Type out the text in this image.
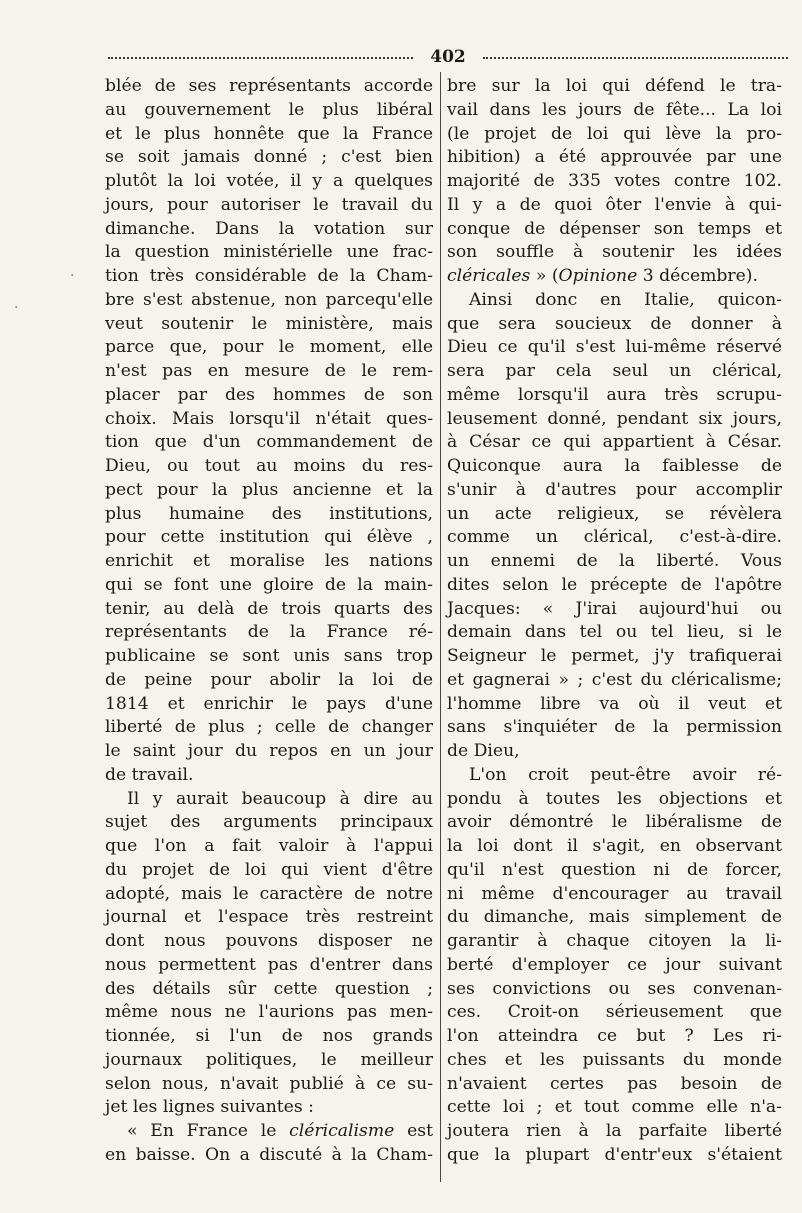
402
blée de ses représentants accorde
au gouvernement le plus libéral
et le plus honnête que la France
se soit jamais donné ; c'est bien
plutôt la loi votée, il y a quelques
jours, pour autoriser le travail du
dimanche. Dans la votation sur
la question ministérielle une frac-
tion très considérable de la Cham-
bre s'est abstenue, non parcequ'elle
veut soutenir le ministère, mais
parce que, pour le moment, elle
n'est pas en mesure de le rem-
placer par des hommes de son
choix. Mais lorsqu'il n'était ques-
tion que d'un commandement de
Dieu, ou tout au moins du res-
pect pour la plus ancienne et la
plus humaine des institutions,
pour cette institution qui élève ,
enrichit et moralise les nations
qui se font une gloire de la main-
tenir, au delà de trois quarts des
représentants de la France ré-
publicaine se sont unis sans trop
de peine pour abolir la loi de
1814 et enrichir le pays d'une
liberté de plus ; celle de changer
le saint jour du repos en un jour
de travail.
Il y aurait beaucoup à dire au
sujet des arguments principaux
que l'on a fait valoir à l'appui
du projet de loi qui vient d'être
adopté, mais le caractère de notre
journal et l'espace très restreint
dont nous pouvons disposer ne
nous permettent pas d'entrer dans
des détails sûr cette question ;
même nous ne l'aurions pas men-
tionnée, si l'un de nos grands
journaux politiques, le meilleur
selon nous, n'avait publié à ce su-
jet les lignes suivantes :
« En France le cléricalisme est
en baisse. On a discuté à la Cham-
bre sur la loi qui défend le tra-
vail dans les jours de fête... La loi
(le projet de loi qui lève la pro-
hibition) a été approuvée par une
majorité de 335 votes contre 102.
Il y a de quoi ôter l'envie à qui-
conque de dépenser son temps et
son souffle à soutenir les idées
cléricales » (Opinione 3 décembre).
Ainsi donc en Italie, quicon-
que sera soucieux de donner à
Dieu ce qu'il s'est lui-même réservé
sera par cela seul un clérical,
même lorsqu'il aura très scrupu-
leusement donné, pendant six jours,
à César ce qui appartient à César.
Quiconque aura la faiblesse de
s'unir à d'autres pour accomplir
un acte religieux, se révèlera
comme un clérical, c'est-à-dire.
un ennemi de la liberté. Vous
dites selon le précepte de l'apôtre
Jacques: « J'irai aujourd'hui ou
demain dans tel ou tel lieu, si le
Seigneur le permet, j'y trafiquerai
et gagnerai » ; c'est du cléricalisme;
l'homme libre va où il veut et
sans s'inquiéter de la permission
de Dieu,
L'on croit peut-être avoir ré-
pondu à toutes les objections et
avoir démontré le libéralisme de
la loi dont il s'agit, en observant
qu'il n'est question ni de forcer,
ni même d'encourager au travail
du dimanche, mais simplement de
garantir à chaque citoyen la li-
berté d'employer ce jour suivant
ses convictions ou ses convenan-
ces. Croit-on sérieusement que
l'on atteindra ce but ? Les ri-
ches et les puissants du monde
n'avaient certes pas besoin de
cette loi ; et tout comme elle n'a-
joutera rien à la parfaite liberté
que la plupart d'entr'eux s'étaient
·
·
